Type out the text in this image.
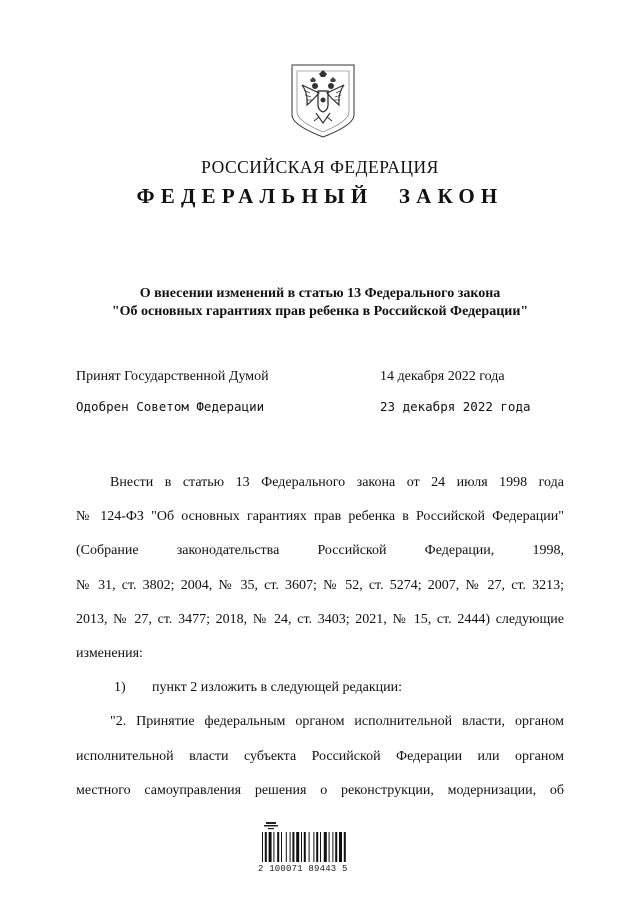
РОССИЙСКАЯ ФЕДЕРАЦИЯ
ФЕДЕРАЛЬНЫЙ ЗАКОН
О внесении изменений в статью 13 Федерального закона
"Об основных гарантиях прав ребенка в Российской Федерации"
Принят Государственной Думой	14 декабря 2022 года
Одобрен Советом Федерации	23 декабря 2022 года
Внести в статью 13 Федерального закона от 24 июля 1998 года
№ 124-ФЗ "Об основных гарантиях прав ребенка в Российской Федерации"
(Собрание законодательства Российской Федерации, 1998,
№ 31, ст. 3802; 2004, № 35, ст. 3607; № 52, ст. 5274; 2007, № 27, ст. 3213;
2013, № 27, ст. 3477; 2018, № 24, ст. 3403; 2021, № 15, ст. 2444) следующие
изменения:
1) пункт 2 изложить в следующей редакции:
"2. Принятие федеральным органом исполнительной власти, органом
исполнительной власти субъекта Российской Федерации или органом
местного самоуправления решения о реконструкции, модернизации, об
2 100071 89443 5
